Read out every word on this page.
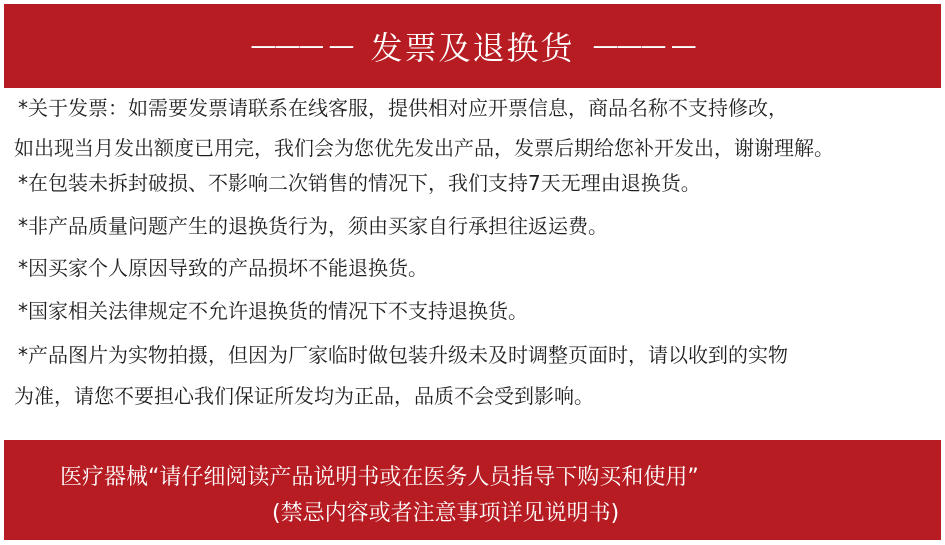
——— — 发票及退换货 ——— —
*关于发票：如需要发票请联系在线客服，提供相对应开票信息，商品名称不支持修改，
如出现当月发出额度已用完，我们会为您优先发出产品，发票后期给您补开发出，谢谢理解。
*在包装未拆封破损、不影响二次销售的情况下，我们支持7天无理由退换货。
*非产品质量问题产生的退换货行为，须由买家自行承担往返运费。
*因买家个人原因导致的产品损坏不能退换货。
*国家相关法律规定不允许退换货的情况下不支持退换货。
*产品图片为实物拍摄，但因为厂家临时做包装升级未及时调整页面时，请以收到的实物
为准，请您不要担心我们保证所发均为正品，品质不会受到影响。
医疗器械“请仔细阅读产品说明书或在医务人员指导下购买和使用”
(禁忌内容或者注意事项详见说明书)
